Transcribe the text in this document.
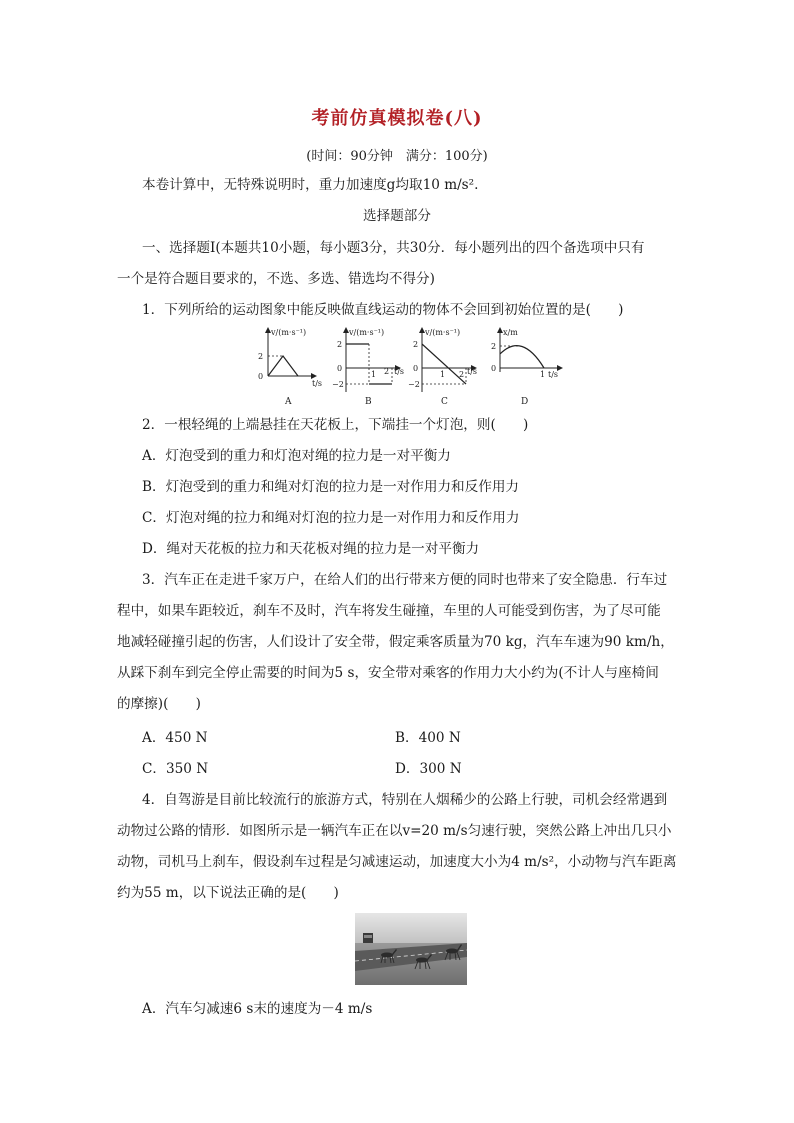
考前仿真模拟卷(八)
(时间：90分钟　满分：100分)
本卷计算中，无特殊说明时，重力加速度g均取10 m/s².
选择题部分
一、选择题Ⅰ(本题共10小题，每小题3分，共30分．每小题列出的四个备选项中只有
一个是符合题目要求的，不选、多选、错选均不得分)
1．下列所给的运动图象中能反映做直线运动的物体不会回到初始位置的是(　　)
v/(m·s⁻¹)
t/s
2
0
A
v/(m·s⁻¹)
t/s
2
0
−2
1 2
B
v/(m·s⁻¹)
t/s
2
0
−2
1 2
C
x/m
t/s
2
0
1
D
2．一根轻绳的上端悬挂在天花板上，下端挂一个灯泡，则(　　)
A．灯泡受到的重力和灯泡对绳的拉力是一对平衡力
B．灯泡受到的重力和绳对灯泡的拉力是一对作用力和反作用力
C．灯泡对绳的拉力和绳对灯泡的拉力是一对作用力和反作用力
D．绳对天花板的拉力和天花板对绳的拉力是一对平衡力
3．汽车正在走进千家万户，在给人们的出行带来方便的同时也带来了安全隐患．行车过
程中，如果车距较近，刹车不及时，汽车将发生碰撞，车里的人可能受到伤害，为了尽可能
地减轻碰撞引起的伤害，人们设计了安全带，假定乘客质量为70 kg，汽车车速为90 km/h，
从踩下刹车到完全停止需要的时间为5 s，安全带对乘客的作用力大小约为(不计人与座椅间
的摩擦)(　　)
A．450 N	B．400 N
C．350 N	D．300 N
4．自驾游是目前比较流行的旅游方式，特别在人烟稀少的公路上行驶，司机会经常遇到
动物过公路的情形．如图所示是一辆汽车正在以v=20 m/s匀速行驶，突然公路上冲出几只小
动物，司机马上刹车，假设刹车过程是匀减速运动，加速度大小为4 m/s²，小动物与汽车距离
约为55 m，以下说法正确的是(　　)
A．汽车匀减速6 s末的速度为－4 m/s
